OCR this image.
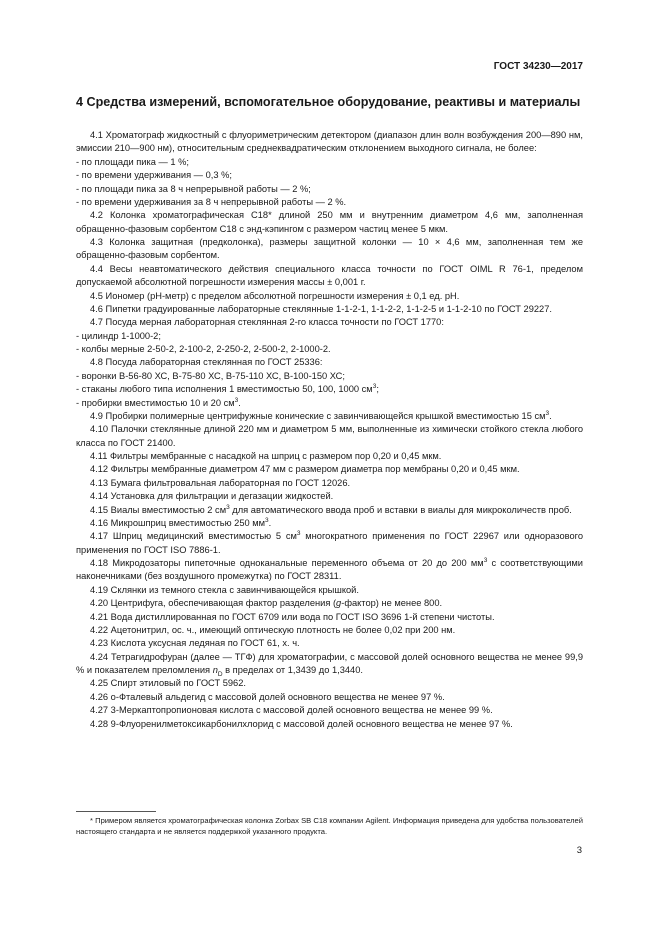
ГОСТ 34230—2017
4 Средства измерений, вспомогательное оборудование, реактивы и материалы

4.1 Хроматограф жидкостный с флуориметрическим детектором (диапазон длин волн возбуждения 200—890 нм, эмиссии 210—900 нм), относительным среднеквадратическим отклонением выходного сигнала, не более:

- по площади пика — 1 %;

- по времени удерживания — 0,3 %;

- по площади пика за 8 ч непрерывной работы — 2 %;

- по времени удерживания за 8 ч непрерывной работы — 2 %.

4.2 Колонка хроматографическая С18* длиной 250 мм и внутренним диаметром 4,6 мм, заполненная обращенно-фазовым сорбентом С18 с энд-кэпингом с размером частиц менее 5 мкм.

4.3 Колонка защитная (предколонка), размеры защитной колонки — 10 × 4,6 мм, заполненная тем же обращенно-фазовым сорбентом.

4.4 Весы неавтоматического действия специального класса точности по ГОСТ OIML R 76-1, пределом допускаемой абсолютной погрешности измерения массы ± 0,001 г.

4.5 Иономер (рН-метр) с пределом абсолютной погрешности измерения ± 0,1 ед. рН.

4.6 Пипетки градуированные лабораторные стеклянные 1-1-2-1, 1-1-2-2, 1-1-2-5 и 1-1-2-10 по ГОСТ 29227.

4.7 Посуда мерная лабораторная стеклянная 2-го класса точности по ГОСТ 1770:

- цилиндр 1-1000-2;

- колбы мерные 2-50-2, 2-100-2, 2-250-2, 2-500-2, 2-1000-2.

4.8 Посуда лабораторная стеклянная по ГОСТ 25336:

- воронки В-56-80 ХС, В-75-80 ХС, В-75-110 ХС, В-100-150 ХС;

- стаканы любого типа исполнения 1 вместимостью 50, 100, 1000 $см^3$;

- пробирки вместимостью 10 и 20 $см^3$.

4.9 Пробирки полимерные центрифужные конические с завинчивающейся крышкой вместимостью 15 $см^3$.

4.10 Палочки стеклянные длиной 220 мм и диаметром 5 мм, выполненные из химически стойкого стекла любого класса по ГОСТ 21400.

4.11 Фильтры мембранные с насадкой на шприц с размером пор 0,20 и 0,45 мкм.

4.12 Фильтры мембранные диаметром 47 мм с размером диаметра пор мембраны 0,20 и 0,45 мкм.

4.13 Бумага фильтровальная лабораторная по ГОСТ 12026.

4.14 Установка для фильтрации и дегазации жидкостей.

4.15 Виалы вместимостью 2 $см^3$ для автоматического ввода проб и вставки в виалы для микроколичеств проб.

4.16 Микрошприц вместимостью 250 $мм^3$.

4.17 Шприц медицинский вместимостью 5 $см^3$ многократного применения по ГОСТ 22967 или одноразового применения по ГОСТ ISO 7886-1.

4.18 Микродозаторы пипеточные одноканальные переменного объема от 20 до 200 $мм^3$ с соответствующими наконечниками (без воздушного промежутка) по ГОСТ 28311.

4.19 Склянки из темного стекла с завинчивающейся крышкой.

4.20 Центрифуга, обеспечивающая фактор разделения (g-фактор) не менее 800.

4.21 Вода дистиллированная по ГОСТ 6709 или вода по ГОСТ ISO 3696 1-й степени чистоты.

4.22 Ацетонитрил, ос. ч., имеющий оптическую плотность не более 0,02 при 200 нм.

4.23 Кислота уксусная ледяная по ГОСТ 61, х. ч.

4.24 Тетрагидрофуран (далее — ТГФ) для хроматографии, с массовой долей основного вещества не менее 99,9 % и показателем преломления $n_D$ в пределах от 1,3439 до 1,3440.

4.25 Спирт этиловый по ГОСТ 5962.

4.26 о-Фталевый альдегид с массовой долей основного вещества не менее 97 %.

4.27 3-Меркаптопропионовая кислота с массовой долей основного вещества не менее 99 %.

4.28 9-Флуоренилметоксикарбонилхлорид с массовой долей основного вещества не менее 97 %.

* Примером является хроматографическая колонка Zorbax SB C18 компании Agilent. Информация приведена для удобства пользователей настоящего стандарта и не является поддержкой указанного продукта.
3
